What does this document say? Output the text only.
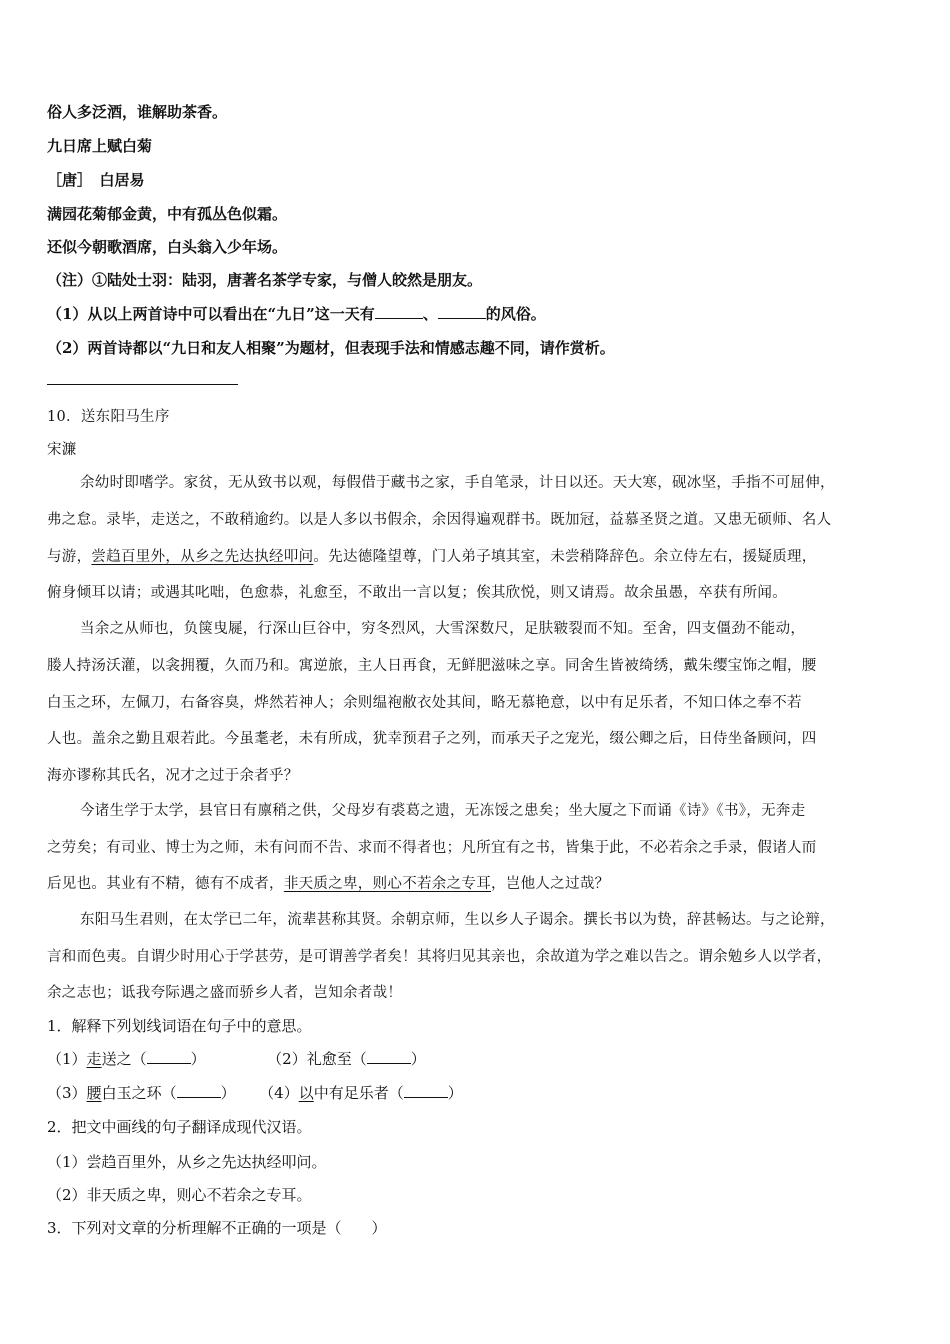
俗人多泛酒，谁解助茶香。
九日席上赋白菊
［唐］　白居易
满园花菊郁金黄，中有孤丛色似霜。
还似今朝歌酒席，白头翁入少年场。
（注）①陆处士羽：陆羽，唐著名茶学专家，与僧人皎然是朋友。
（1）从以上两首诗中可以看出在“九日”这一天有	、	的风俗。
（2）两首诗都以“九日和友人相聚”为题材，但表现手法和情感志趣不同，请作赏析。
10．送东阳马生序
宋濂
余幼时即嗜学。家贫，无从致书以观，每假借于藏书之家，手自笔录，计日以还。天大寒，砚冰坚，手指不可屈伸，
弗之怠。录毕，走送之，不敢稍逾约。以是人多以书假余，余因得遍观群书。既加冠，益慕圣贤之道。又患无硕师、名人
与游，尝趋百里外，从乡之先达执经叩问。先达德隆望尊，门人弟子填其室，未尝稍降辞色。余立侍左右，援疑质理，
俯身倾耳以请；或遇其叱咄，色愈恭，礼愈至，不敢出一言以复；俟其欣悦，则又请焉。故余虽愚，卒获有所闻。
当余之从师也，负箧曳屣，行深山巨谷中，穷冬烈风，大雪深数尺，足肤皲裂而不知。至舍，四支僵劲不能动，
媵人持汤沃灌，以衾拥覆，久而乃和。寓逆旅，主人日再食，无鲜肥滋味之享。同舍生皆被绮绣，戴朱缨宝饰之帽，腰
白玉之环，左佩刀，右备容臭，烨然若神人；余则缊袍敝衣处其间，略无慕艳意，以中有足乐者，不知口体之奉不若
人也。盖余之勤且艰若此。今虽耄老，未有所成，犹幸预君子之列，而承天子之宠光，缀公卿之后，日侍坐备顾问，四
海亦谬称其氏名，况才之过于余者乎？
今诸生学于太学，县官日有廪稍之供，父母岁有裘葛之遗，无冻馁之患矣；坐大厦之下而诵《诗》《书》，无奔走
之劳矣；有司业、博士为之师，未有问而不告、求而不得者也；凡所宜有之书，皆集于此，不必若余之手录，假诸人而
后见也。其业有不精，德有不成者，非天质之卑，则心不若余之专耳，岂他人之过哉？
东阳马生君则，在太学已二年，流辈甚称其贤。余朝京师，生以乡人子谒余。撰长书以为贽，辞甚畅达。与之论辩，
言和而色夷。自谓少时用心于学甚劳，是可谓善学者矣！其将归见其亲也，余故道为学之难以告之。谓余勉乡人以学者，
余之志也；诋我夸际遇之盛而骄乡人者，岂知余者哉！
1．解释下列划线词语在句子中的意思。
（1）走送之（	）	（2）礼愈至（	）
（3）腰白玉之环（	） （4）以中有足乐者（	）
2．把文中画线的句子翻译成现代汉语。
（1）尝趋百里外，从乡之先达执经叩问。
（2）非天质之卑，则心不若余之专耳。
3．下列对文章的分析理解不正确的一项是（　　）
